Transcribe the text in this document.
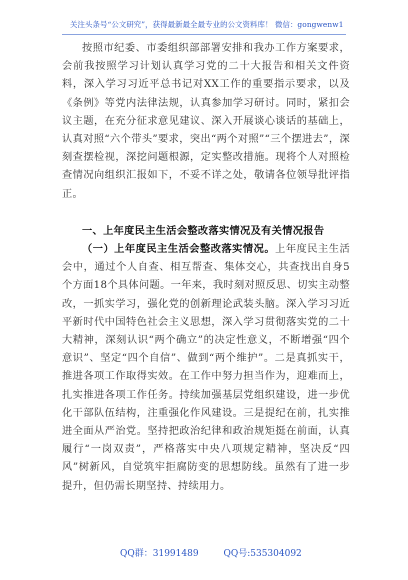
关注头条号“公文研究”，获得最新最全最专业的公文资料库！ 微信：gongwenw1

按照市纪委、市委组织部部署安排和我办工作方案要求，会前我按照学习计划认真学习党的二十大报告和相关文件资料，深入学习习近平总书记对XX工作的重要指示要求，以及《条例》等党内法律法规，认真参加学习研讨。同时，紧扣会议主题，在充分征求意见建议、深入开展谈心谈话的基础上，认真对照“六个带头”要求，突出“两个对照”“三个摆进去”，深刻查摆检视，深挖问题根源，定实整改措施。现将个人对照检查情况向组织汇报如下，不妥不详之处，敬请各位领导批评指正。

一、上年度民主生活会整改落实情况及有关情况报告

（一）上年度民主生活会整改落实情况。上年度民主生活会中，通过个人自查、相互帮查、集体交心，共查找出自身5个方面18个具体问题。一年来，我时刻对照反思、切实主动整改，一抓实学习，强化党的创新理论武装头脑。深入学习习近平新时代中国特色社会主义思想，深入学习贯彻落实党的二十大精神，深刻认识“两个确立”的决定性意义，不断增强“四个意识”、坚定“四个自信”、做到“两个维护”。二是真抓实干，推进各项工作取得实效。在工作中努力担当作为，迎难而上，扎实推进各项工作任务。持续加强基层党组织建设，进一步优化干部队伍结构，注重强化作风建设。三是提纪在前，扎实推进全面从严治党。坚持把政治纪律和政治规矩挺在前面，认真履行“一岗双责”，严格落实中央八项规定精神，坚决反“四风”树新风，自觉筑牢拒腐防变的思想防线。虽然有了进一步提升，但仍需长期坚持、持续用力。

QQ群：31991489	QQ号:535304092
